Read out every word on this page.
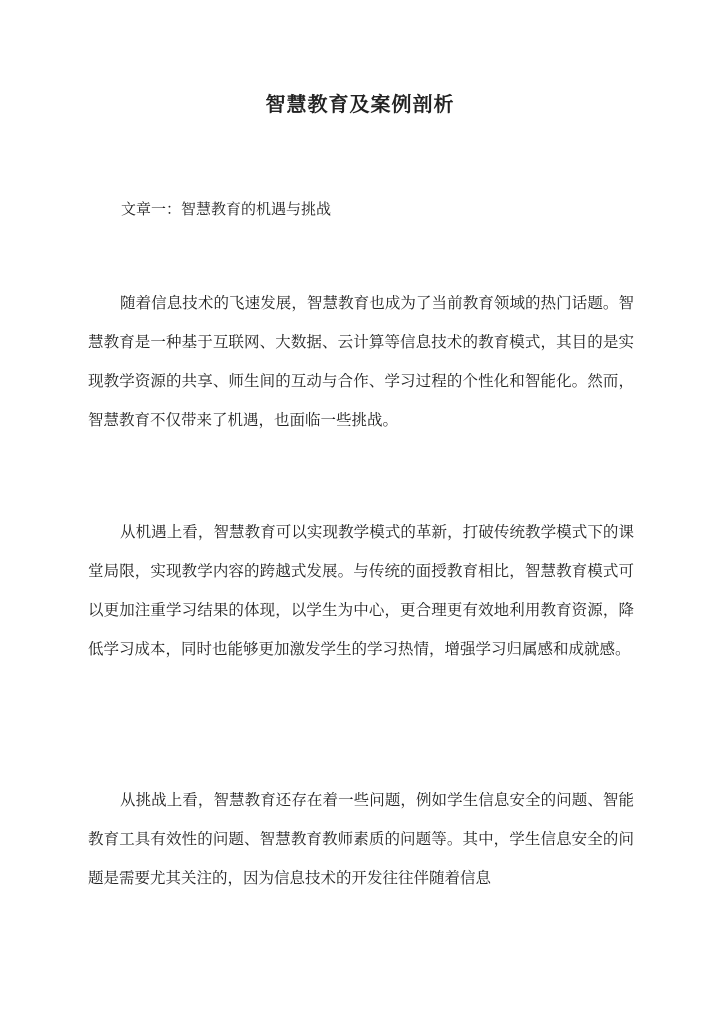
智慧教育及案例剖析
文章一：智慧教育的机遇与挑战

随着信息技术的飞速发展，智慧教育也成为了当前教育领域的热门话题。智慧教育是一种基于互联网、大数据、云计算等信息技术的教育模式，其目的是实现教学资源的共享、师生间的互动与合作、学习过程的个性化和智能化。然而，智慧教育不仅带来了机遇，也面临一些挑战。

从机遇上看，智慧教育可以实现教学模式的革新，打破传统教学模式下的课堂局限，实现教学内容的跨越式发展。与传统的面授教育相比，智慧教育模式可以更加注重学习结果的体现，以学生为中心，更合理更有效地利用教育资源，降低学习成本，同时也能够更加激发学生的学习热情，增强学习归属感和成就感。

从挑战上看，智慧教育还存在着一些问题，例如学生信息安全的问题、智能教育工具有效性的问题、智慧教育教师素质的问题等。其中，学生信息安全的问题是需要尤其关注的，因为信息技术的开发往往伴随着信息
